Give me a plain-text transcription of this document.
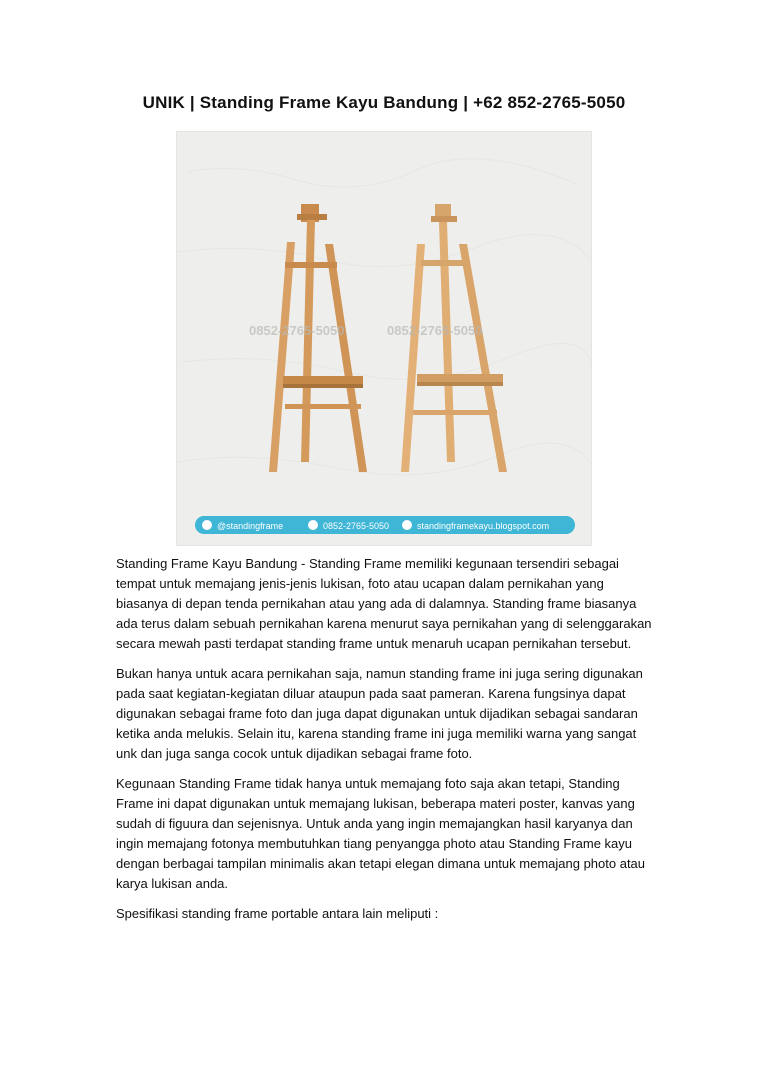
UNIK | Standing Frame Kayu Bandung | +62 852-2765-5050
0852-2765-5050	0852-2765-5050
@standingframe	0852-2765-5050	standingframekayu.blogspot.com

Standing Frame Kayu Bandung - Standing Frame memiliki kegunaan tersendiri sebagai tempat untuk memajang jenis-jenis lukisan, foto atau ucapan dalam pernikahan yang biasanya di depan tenda pernikahan atau yang ada di dalamnya. Standing frame biasanya ada terus dalam sebuah pernikahan karena menurut saya pernikahan yang di selenggarakan secara mewah pasti terdapat standing frame untuk menaruh ucapan pernikahan tersebut.

Bukan hanya untuk acara pernikahan saja, namun standing frame ini juga sering digunakan pada saat kegiatan-kegiatan diluar ataupun pada saat pameran. Karena fungsinya dapat digunakan sebagai frame foto dan juga dapat digunakan untuk dijadikan sebagai sandaran ketika anda melukis. Selain itu, karena standing frame ini juga memiliki warna yang sangat unk dan juga sanga cocok untuk dijadikan sebagai frame foto.

Kegunaan Standing Frame tidak hanya untuk memajang foto saja akan tetapi, Standing Frame ini dapat digunakan untuk memajang lukisan, beberapa materi poster, kanvas yang sudah di figuura dan sejenisnya. Untuk anda yang ingin memajangkan hasil karyanya dan ingin memajang fotonya membutuhkan tiang penyangga photo atau Standing Frame kayu dengan berbagai tampilan minimalis akan tetapi elegan dimana untuk memajang photo atau karya lukisan anda.

Spesifikasi standing frame portable antara lain meliputi :
